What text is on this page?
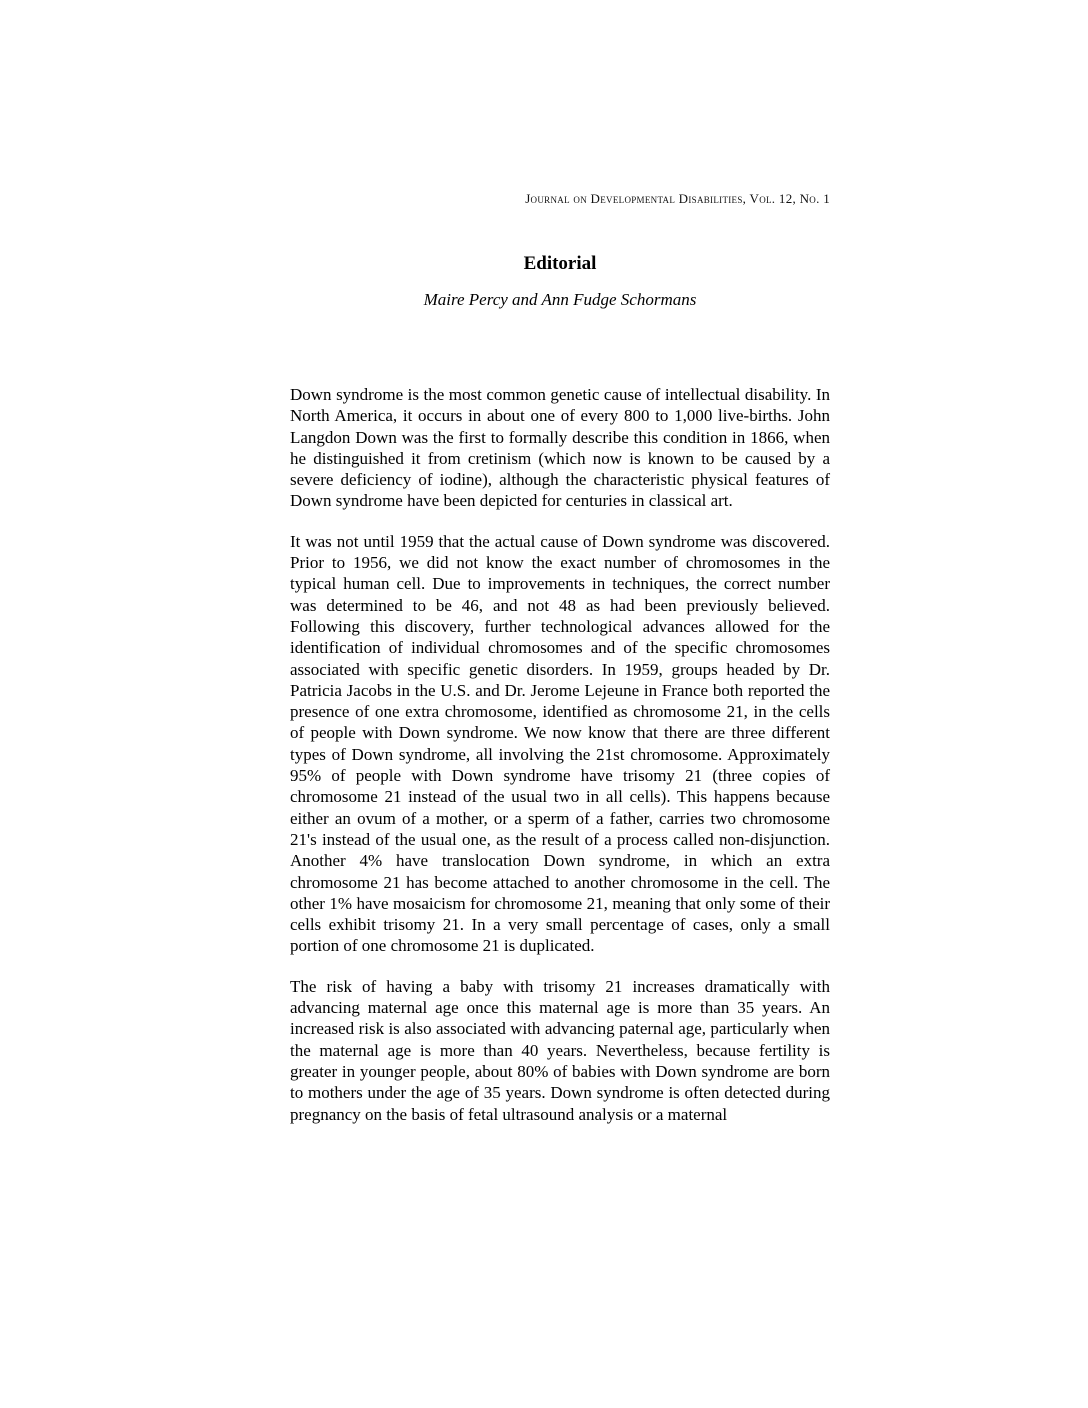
Journal on Developmental Disabilities, Vol. 12, No. 1
Editorial
Maire Percy and Ann Fudge Schormans

Down syndrome is the most common genetic cause of intellectual disability. In North America, it occurs in about one of every 800 to 1,000 live-births. John Langdon Down was the first to formally describe this condition in 1866, when he distinguished it from cretinism (which now is known to be caused by a severe deficiency of iodine), although the characteristic physical features of Down syndrome have been depicted for centuries in classical art.

It was not until 1959 that the actual cause of Down syndrome was discovered. Prior to 1956, we did not know the exact number of chromosomes in the typical human cell. Due to improvements in techniques, the correct number was determined to be 46, and not 48 as had been previously believed. Following this discovery, further technological advances allowed for the identification of individual chromosomes and of the specific chromosomes associated with specific genetic disorders. In 1959, groups headed by Dr. Patricia Jacobs in the U.S. and Dr. Jerome Lejeune in France both reported the presence of one extra chromosome, identified as chromosome 21, in the cells of people with Down syndrome. We now know that there are three different types of Down syndrome, all involving the 21st chromosome. Approximately 95% of people with Down syndrome have trisomy 21 (three copies of chromosome 21 instead of the usual two in all cells). This happens because either an ovum of a mother, or a sperm of a father, carries two chromosome 21's instead of the usual one, as the result of a process called non-disjunction. Another 4% have translocation Down syndrome, in which an extra chromosome 21 has become attached to another chromosome in the cell. The other 1% have mosaicism for chromosome 21, meaning that only some of their cells exhibit trisomy 21. In a very small percentage of cases, only a small portion of one chromosome 21 is duplicated.

The risk of having a baby with trisomy 21 increases dramatically with advancing maternal age once this maternal age is more than 35 years. An increased risk is also associated with advancing paternal age, particularly when the maternal age is more than 40 years. Nevertheless, because fertility is greater in younger people, about 80% of babies with Down syndrome are born to mothers under the age of 35 years. Down syndrome is often detected during pregnancy on the basis of fetal ultrasound analysis or a maternal
